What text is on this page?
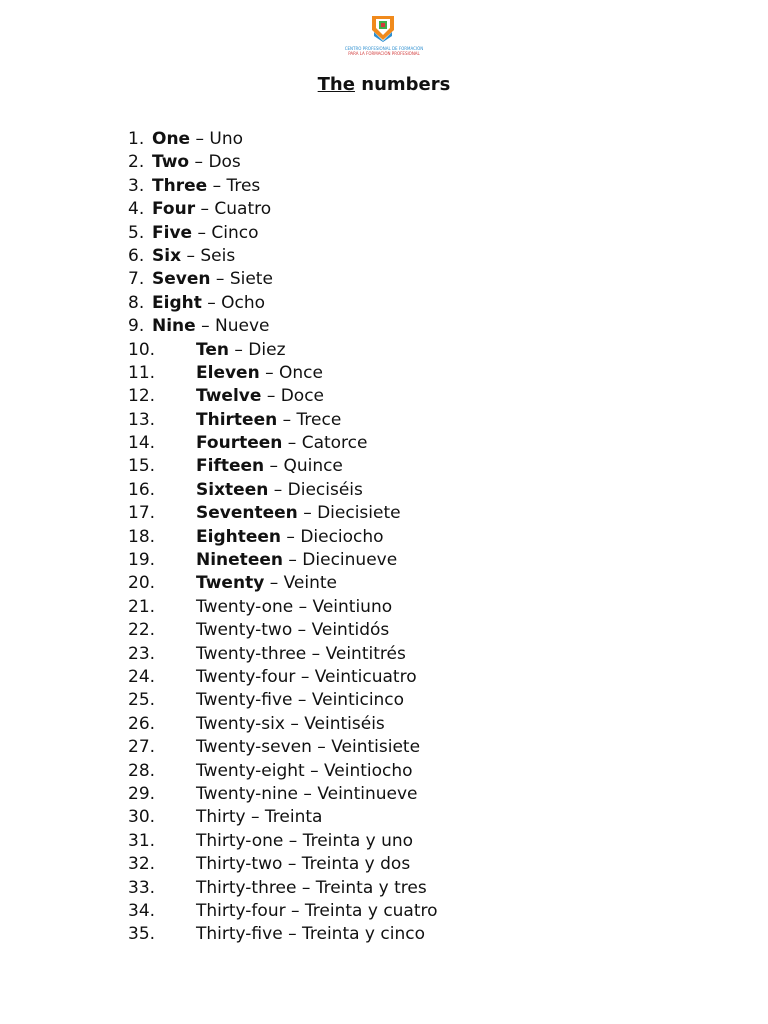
CENTRO PROFESIONAL DE FORMACIÓN
PARA LA FORMACIÓN PROFESIONAL
The numbers
1. One – Uno
2. Two – Dos
3. Three – Tres
4. Four – Cuatro
5. Five – Cinco
6. Six – Seis
7. Seven – Siete
8. Eight – Ocho
9. Nine – Nueve
10. Ten – Diez
11. Eleven – Once
12. Twelve – Doce
13. Thirteen – Trece
14. Fourteen – Catorce
15. Fifteen – Quince
16. Sixteen – Dieciséis
17. Seventeen – Diecisiete
18. Eighteen – Dieciocho
19. Nineteen – Diecinueve
20. Twenty – Veinte
21. Twenty-one – Veintiuno
22. Twenty-two – Veintidós
23. Twenty-three – Veintitrés
24. Twenty-four – Veinticuatro
25. Twenty-five – Veinticinco
26. Twenty-six – Veintiséis
27. Twenty-seven – Veintisiete
28. Twenty-eight – Veintiocho
29. Twenty-nine – Veintinueve
30. Thirty – Treinta
31. Thirty-one – Treinta y uno
32. Thirty-two – Treinta y dos
33. Thirty-three – Treinta y tres
34. Thirty-four – Treinta y cuatro
35. Thirty-five – Treinta y cinco
